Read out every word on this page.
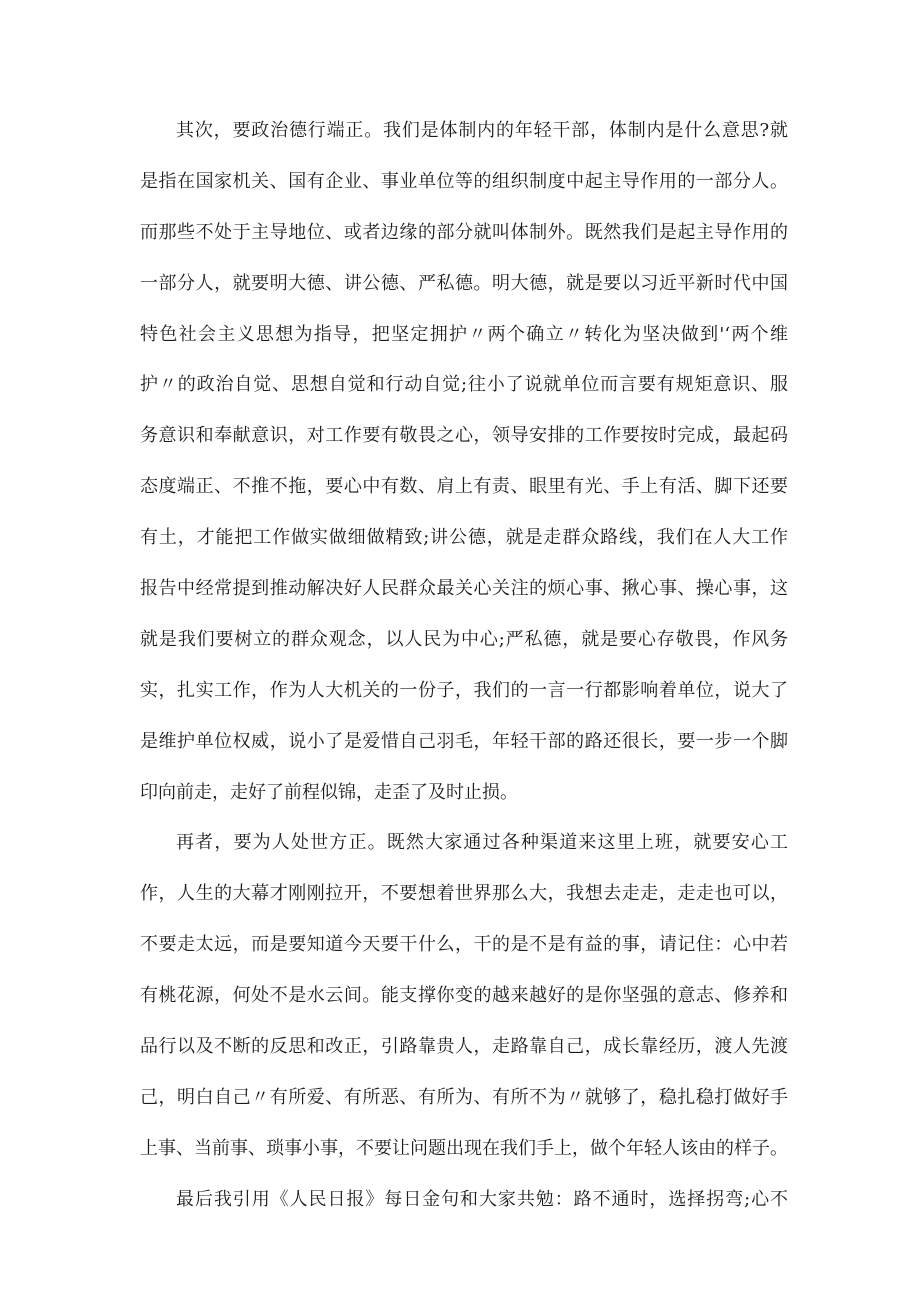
其次，要政治德行端正。我们是体制内的年轻干部，体制内是什么意思?就
是指在国家机关、国有企业、事业单位等的组织制度中起主导作用的一部分人。
而那些不处于主导地位、或者边缘的部分就叫体制外。既然我们是起主导作用的
一部分人，就要明大德、讲公德、严私德。明大德，就是要以习近平新时代中国
特色社会主义思想为指导，把坚定拥护〃两个确立〃转化为坚决做到'‘两个维
护〃的政治自觉、思想自觉和行动自觉;往小了说就单位而言要有规矩意识、服
务意识和奉献意识，对工作要有敬畏之心，领导安排的工作要按时完成，最起码
态度端正、不推不拖，要心中有数、肩上有责、眼里有光、手上有活、脚下还要
有土，才能把工作做实做细做精致;讲公德，就是走群众路线，我们在人大工作
报告中经常提到推动解决好人民群众最关心关注的烦心事、揪心事、操心事，这
就是我们要树立的群众观念，以人民为中心;严私德，就是要心存敬畏，作风务
实，扎实工作，作为人大机关的一份子，我们的一言一行都影响着单位，说大了
是维护单位权威，说小了是爱惜自己羽毛，年轻干部的路还很长，要一步一个脚
印向前走，走好了前程似锦，走歪了及时止损。
再者，要为人处世方正。既然大家通过各种渠道来这里上班，就要安心工
作，人生的大幕才刚刚拉开，不要想着世界那么大，我想去走走，走走也可以，
不要走太远，而是要知道今天要干什么，干的是不是有益的事，请记住：心中若
有桃花源，何处不是水云间。能支撑你变的越来越好的是你坚强的意志、修养和
品行以及不断的反思和改正，引路靠贵人，走路靠自己，成长靠经历，渡人先渡
己，明白自己〃有所爱、有所恶、有所为、有所不为〃就够了，稳扎稳打做好手
上事、当前事、琐事小事，不要让问题出现在我们手上，做个年轻人该由的样子。
最后我引用《人民日报》每日金句和大家共勉：路不通时，选择拐弯;心不
